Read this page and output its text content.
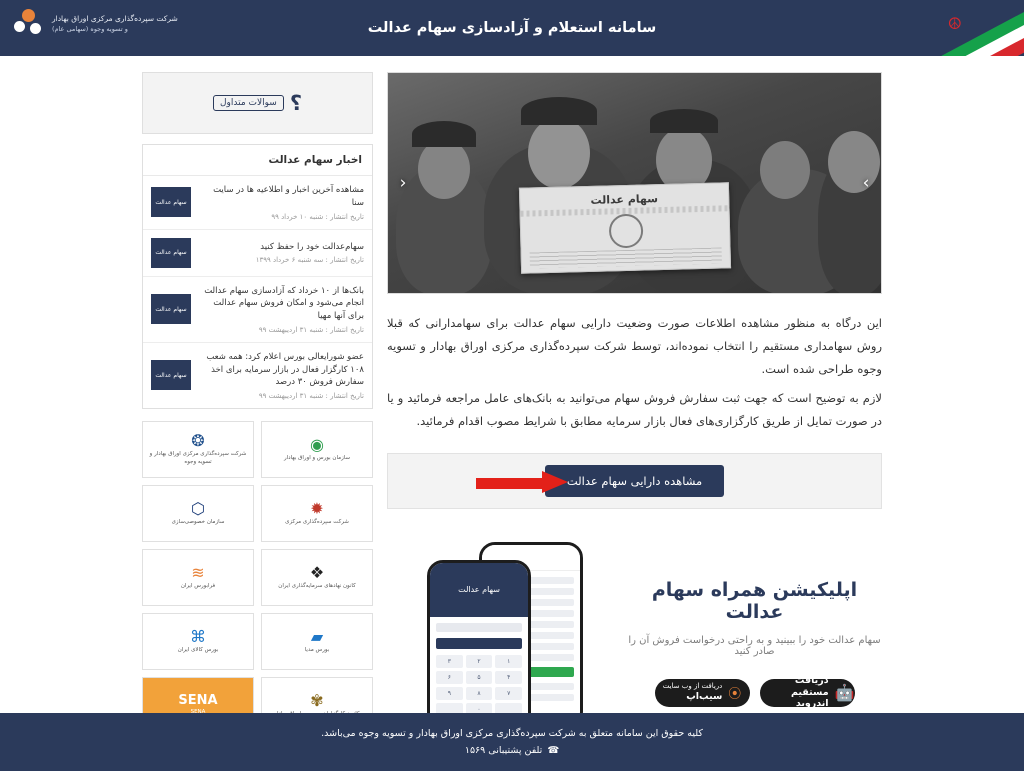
☮
سامانه استعلام و آزادسازی سهام عدالت
شرکت سپرده‌گذاری مرکزی اوراق بهادار
و تسویه وجوه (سهامی عام)
سهام عدالت
‹	›

این درگاه به منظور مشاهده اطلاعات صورت وضعیت دارایی سهام عدالت برای سهامدارانی که قبلا روش سهامداری مستقیم را انتخاب نموده‌اند، توسط شرکت سپرده‌گذاری مرکزی اوراق بهادار و تسویه وجوه طراحی شده است.

لازم به توضیح است که جهت ثبت سفارش فروش سهام می‌توانید به بانک‌های عامل مراجعه فرمائید و یا در صورت تمایل از طریق کارگزاری‌های فعال بازار سرمایه مطابق با شرایط مصوب اقدام فرمائید.

مشاهده دارایی سهام عدالت
اپلیکیشن همراه سهام عدالت
سهام عدالت خود را ببینید و به راحتی درخواست فروش آن را صادر کنید
🤖
دریافت مستقیم اندروید
⦿
دریافت از وب سایت
سیب‌اپ

سهام عدالت
۱
۲
۳
۴
۵
۶
۷
۸
۹
۰
؟
سوالات متداول
اخبار سهام عدالت
مشاهده آخرین اخبار و اطلاعیه ها در سایت سنا
تاریخ انتشار : شنبه ۱۰ خرداد ۹۹
سهام عدالت
سهام‌عدالت خود را حفظ کنید
تاریخ انتشار : سه شنبه ۶ خرداد ۱۳۹۹
سهام عدالت
بانک‌ها از ۱۰ خرداد که آزادسازی سهام عدالت انجام می‌شود و امکان فروش سهام عدالت برای آنها مهیا
تاریخ انتشار : شنبه ۳۱ اردیبهشت ۹۹
سهام عدالت
عضو شورایعالی بورس اعلام کرد: همه شعب ۱۰۸ کارگزار فعال در بازار سرمایه برای اخذ سفارش فروش ۳۰ درصد
تاریخ انتشار : شنبه ۳۱ اردیبهشت ۹۹
سهام عدالت
◉
سازمان بورس و اوراق بهادار
❂
شرکت سپرده‌گذاری مرکزی اوراق بهادار و تسویه وجوه
✹
شرکت سپرده‌گذاری مرکزی
⬡
سازمان خصوصی‌سازی
❖
کانون نهادهای سرمایه‌گذاری ایران
≋
فرابورس ایران
▰
بورس مدیا
⌘
بورس کالای ایران
✾
SENA
کلیه حقوق این سامانه متعلق به شرکت سپرده‌گذاری مرکزی اوراق بهادار و تسویه وجوه می‌باشد.
☎
تلفن پشتیبانی ۱۵۶۹
